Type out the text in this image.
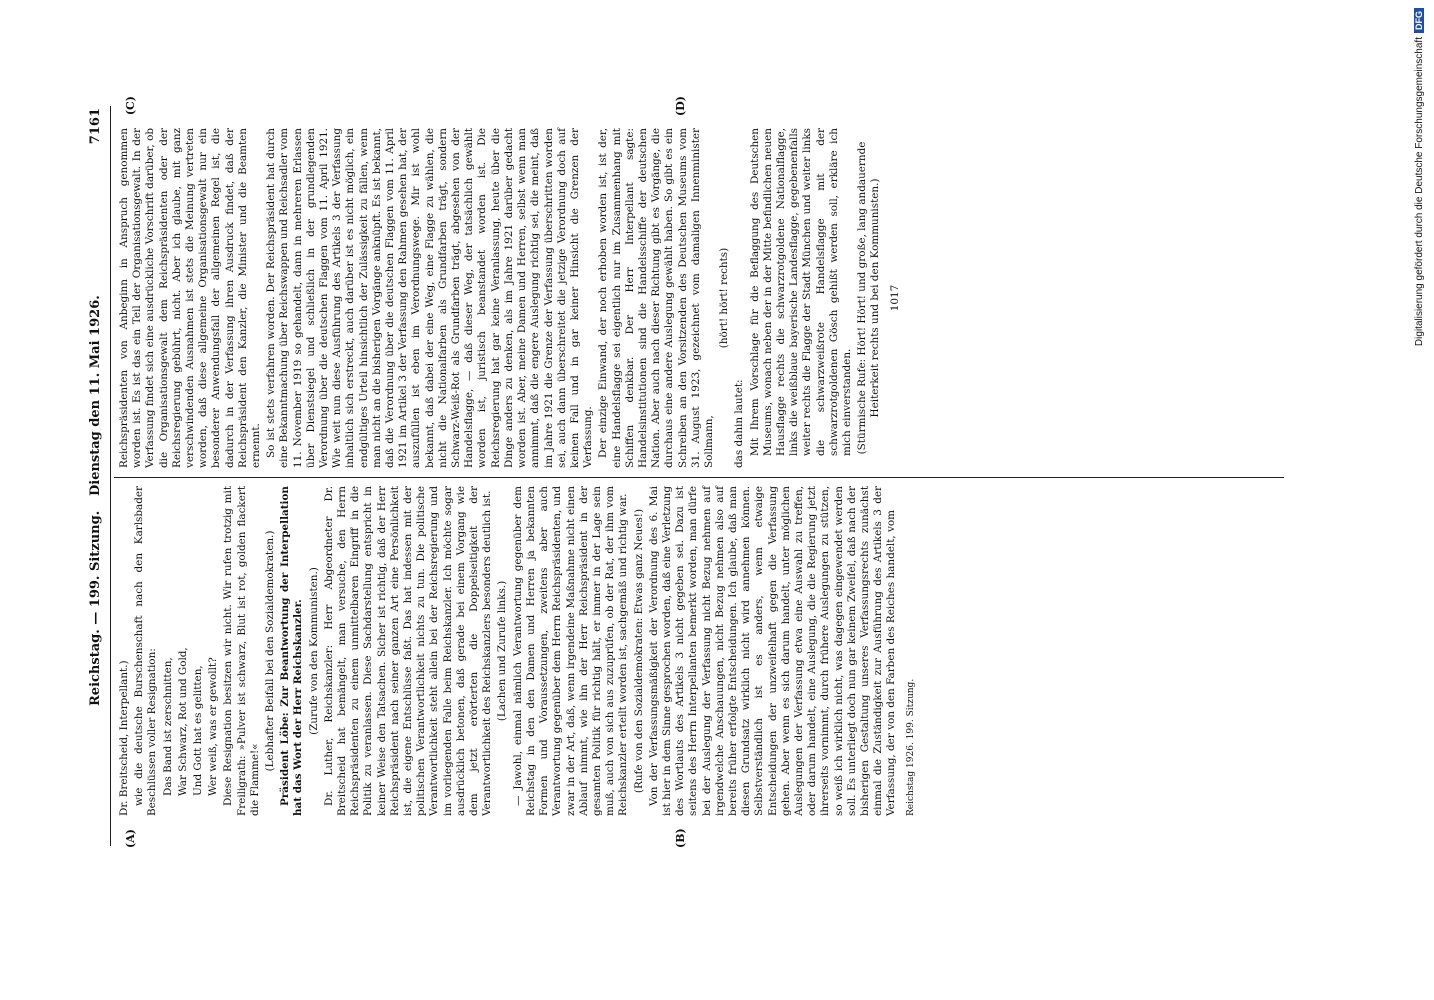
Reichstag. — 199. Sitzung.
Dienstag den 11. Mai 1926.
7161
(A)	(B)
(C)	(D)

Dr. Breitscheid, Interpellant.) wie die deutsche Burschenschaft nach den Karlsbader Beschlüssen voller Resignation: Das Band ist zerschnitten, War Schwarz, Rot und Gold, Und Gott hat es gelitten, Wer weiß, was er gewollt? Diese Resignation besitzen wir nicht. Wir rufen trotzig mit Freiligrath: »Pulver ist schwarz, Blut ist rot, golden flackert die Flamme!«

(Lebhafter Beifall bei den Sozialdemokraten.) Präsident Löbe: Zur Beantwortung der Interpellation hat das Wort der Herr Reichskanzler. (Zurufe von den Kommunisten.) Dr. Luther, Reichskanzler: Herr Abgeordneter Dr. Breitscheid hat bemängelt, man versuche, den Herrn Reichspräsidenten zu einem unmittelbaren Eingriff in die Politik zu veranlassen. Diese Sachdarstellung entspricht in keiner Weise den Tatsachen. Sicher ist richtig, daß der Herr Reichspräsident nach seiner ganzen Art eine Persönlichkeit ist, die eigene Entschlüsse faßt. Das hat indessen mit der politischen Verantwortlichkeit nichts zu tun. Die politische Verantwortlichkeit steht allein bei der Reichsregierung und im vorliegenden Falle beim Reichskanzler. Ich möchte sogar ausdrücklich betonen, daß gerade bei einem Vorgang wie dem jetzt erörterten die Doppelseitigkeit der Verantwortlichkeit des Reichskanzlers besonders deutlich ist. (Lachen und Zurufe links.) — Jawohl, einmal nämlich Verantwortung gegenüber dem Reichstag in den den Damen und Herren ja bekannten Formen und Voraussetzungen, zweitens aber auch Verantwortung gegenüber dem Herrn Reichspräsidenten, und zwar in der Art, daß, wenn irgendeine Maßnahme nicht einen Ablauf nimmt, wie ihn der Herr Reichspräsident in der gesamten Politik für richtig hält, er immer in der Lage sein muß, auch von sich aus zuzuprüfen, ob der Rat, der ihm vom Reichskanzler erteilt worden ist, sachgemäß und richtig war. (Rufe von den Sozialdemokraten: Etwas ganz Neues!) Von der Verfassungsmäßigkeit der Verordnung des 6. Mai ist hier in dem Sinne gesprochen worden, daß eine Verletzung des Wortlauts des Artikels 3 nicht gegeben sei. Dazu ist seitens des Herrn Interpellanten bemerkt worden, man dürfe bei der Auslegung der Verfassung nicht Bezug nehmen auf irgendwelche Anschauungen, nicht Bezug nehmen also auf bereits früher erfolgte Entscheidungen. Ich glaube, daß man diesen Grundsatz wirklich nicht wird annehmen können. Selbstverständlich ist es anders, wenn etwaige Entscheidungen der unzweifelhaft gegen die Verfassung gehen. Aber wenn es sich darum handelt, unter möglichen Auslegungen der Verfassung etwa eine Auswahl zu treffen, oder darum handelt, eine Auslegung, die die Regierung jetzt ihrerseits vornimmt, durch frühere Auslegungen zu stützen, so weiß ich wirklich nicht, was dagegen eingewendet werden soll. Es unterliegt doch nun gar keinem Zweifel, daß nach der bisherigen Gestaltung unseres Verfassungsrechts zunächst einmal die Zuständigkeit zur Ausführung des Artikels 3 der Verfassung, der von den Farben des Reiches handelt, vom Reichstag 1926. 199. Sitzung.

Reichspräsidenten von Anbeginn in Anspruch genommen worden ist. Es ist das ein Teil der Organisationsgewalt. In der Verfassung findet sich eine ausdrückliche Vorschrift darüber, ob die Organisationsgewalt dem Reichspräsidenten oder der Reichsregierung gebührt, nicht. Aber ich glaube, mit ganz verschwindenden Ausnahmen ist stets die Meinung vertreten worden, daß diese allgemeine Organisationsgewalt nur ein besonderer Anwendungsfall der allgemeinen Regel ist, die dadurch in der Verfassung ihren Ausdruck findet, daß der Reichspräsident den Kanzler, die Minister und die Beamten ernennt. So ist stets verfahren worden. Der Reichspräsident hat durch eine Bekanntmachung über Reichswappen und Reichsadler vom 11. November 1919 so gehandelt, dann in mehreren Erlassen über Dienstsiegel und schließlich in der grundlegenden Verordnung über die deutschen Flaggen vom 11. April 1921. Wie weit nun diese Ausführung des Artikels 3 der Verfassung inhaltlich sich erstreckt, auch darüber ist es nicht möglich, ein endgültiges Urteil hinsichtlich der Zulässigkeit zu fällen, wenn man nicht an die bisherigen Vorgänge anknüpft. Es ist bekannt, daß die Verordnung über die deutschen Flaggen vom 11. April 1921 im Artikel 3 der Verfassung den Rahmen gesehen hat, der auszufüllen ist eben im Verordnungswege. Mir ist wohl bekannt, daß dabei der eine Weg, eine Flagge zu wählen, die nicht die Nationalfarben als Grundfarben trägt, sondern Schwarz-Weiß-Rot als Grundfarben trägt, abgesehen von der Handelsflagge, — daß dieser Weg, der tatsächlich gewählt worden ist, juristisch beanstandet worden ist. Die Reichsregierung hat gar keine Veranlassung, heute über die Dinge anders zu denken, als im Jahre 1921 darüber gedacht worden ist. Aber, meine Damen und Herren, selbst wenn man annimmt, daß die engere Auslegung richtig sei, die meint, daß im Jahre 1921 die Grenze der Verfassung überschritten worden sei, auch dann überschreitet die jetzige Verordnung doch auf keinen Fall und in gar keiner Hinsicht die Grenzen der Verfassung. Der einzige Einwand, der noch erhoben worden ist, ist der, eine Handelsflagge sei eigentlich nur im Zusammenhang mit Schiffen denkbar. Der Herr Interpellant sagte: Handelsinstitutionen sind die Handelsschiffe der deutschen Nation. Aber auch nach dieser Richtung gibt es Vorgänge, die durchaus eine andere Auslegung gewählt haben. So gibt es ein Schreiben an den Vorsitzenden des Deutschen Museums vom 31. August 1923, gezeichnet vom damaligen Innenminister Sollmann,

(hört! hört! rechts)

das dahin lautet: Mit Ihrem Vorschlage für die Beflaggung des Deutschen Museums, wonach neben der in der Mitte befindlichen neuen Hausflagge rechts die schwarzrotgoldene Nationalflagge, links die weißblaue bayerische Landesflagge, gegebenenfalls weiter rechts die Flagge der Stadt München und weiter links die schwarzweißrote Handelsflagge mit der schwarzrotgoldenen Gösch gehißt werden soll, erkläre ich mich einverstanden. (Stürmische Rufe: Hört! Hört! und große, lang andauernde Heiterkeit rechts und bei den Kommunisten.) 1017	Digitalisierung gefördert durch die Deutsche ForschungsgemeinschaftDFG
